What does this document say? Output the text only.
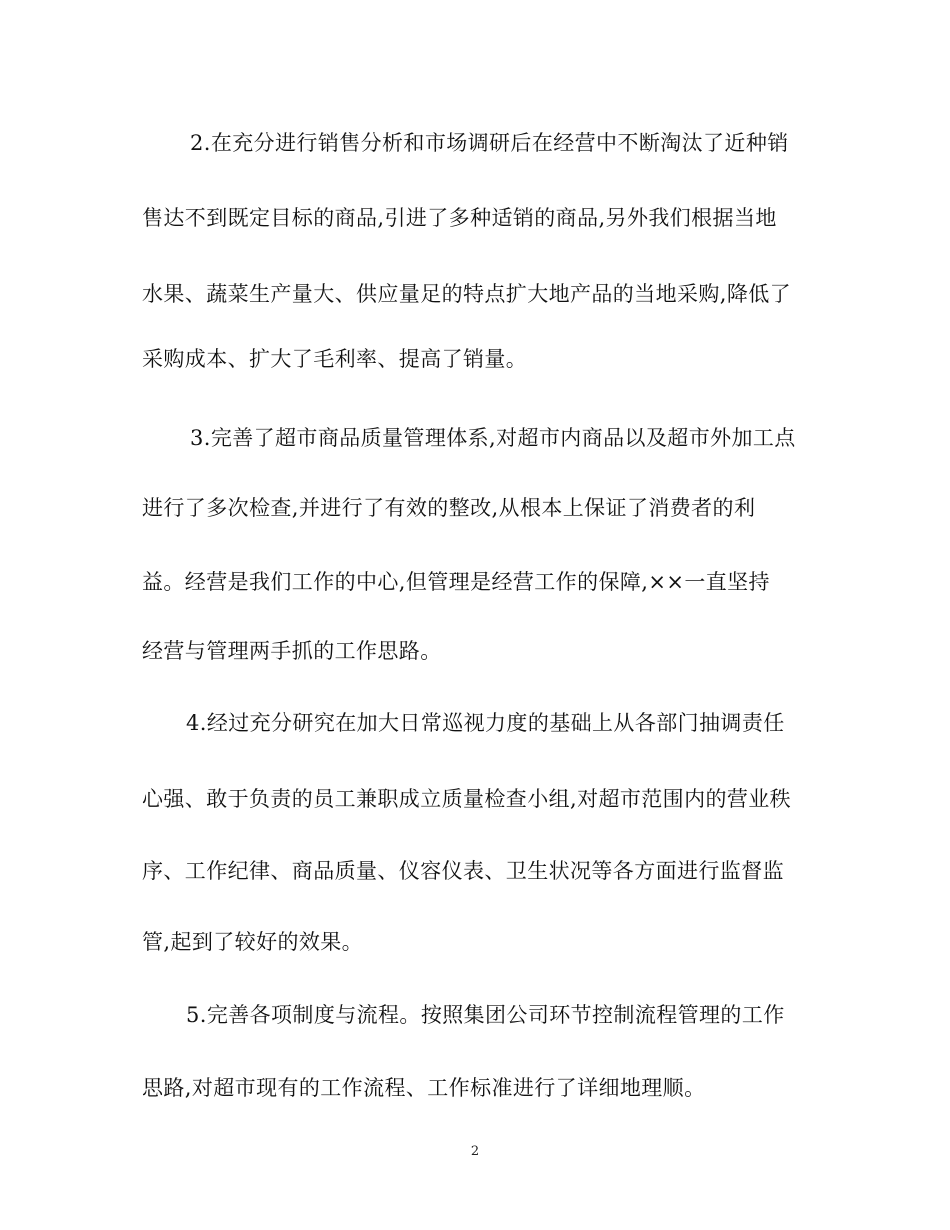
2.在充分进行销售分析和市场调研后在经营中不断淘汰了近种销
售达不到既定目标的商品,引进了多种适销的商品,另外我们根据当地
水果、蔬菜生产量大、供应量足的特点扩大地产品的当地采购,降低了
采购成本、扩大了毛利率、提高了销量。
3.完善了超市商品质量管理体系,对超市内商品以及超市外加工点
进行了多次检查,并进行了有效的整改,从根本上保证了消费者的利
益。经营是我们工作的中心,但管理是经营工作的保障,××一直坚持
经营与管理两手抓的工作思路。
4.经过充分研究在加大日常巡视力度的基础上从各部门抽调责任
心强、敢于负责的员工兼职成立质量检查小组,对超市范围内的营业秩
序、工作纪律、商品质量、仪容仪表、卫生状况等各方面进行监督监
管,起到了较好的效果。
5.完善各项制度与流程。按照集团公司环节控制流程管理的工作
思路,对超市现有的工作流程、工作标准进行了详细地理顺。
2
